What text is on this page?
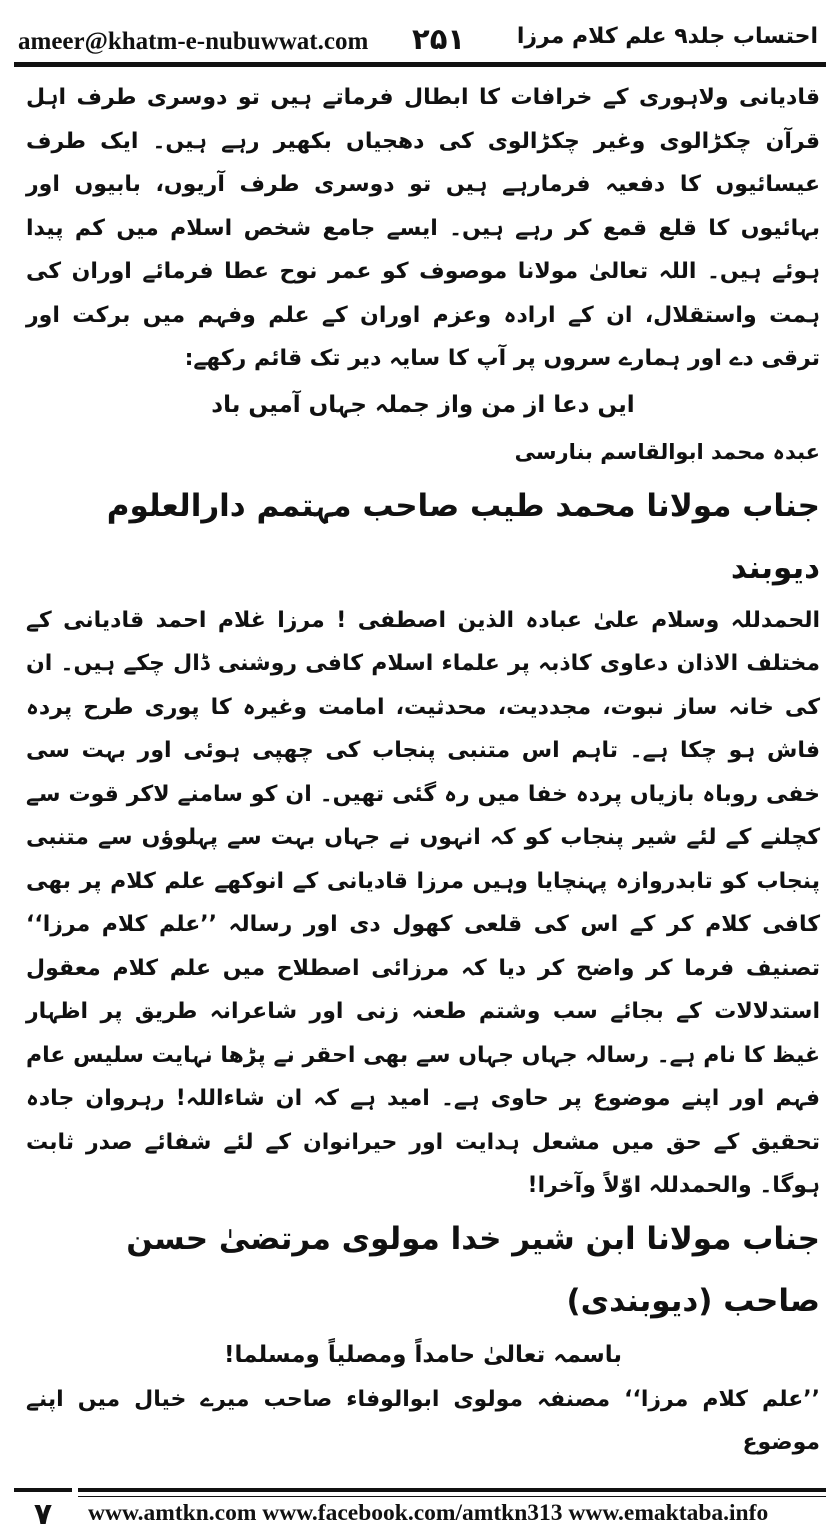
ameer@khatm-e-nubuwwat.com ۲۵۱ احتساب جلد۹ علم کلام مرزا

قادیانی ولاہوری کے خرافات کا ابطال فرماتے ہیں تو دوسری طرف اہل قرآن چکڑالوی وغیر چکڑالوی کی دھجیاں بکھیر رہے ہیں۔ ایک طرف عیسائیوں کا دفعیہ فرمارہے ہیں تو دوسری طرف آریوں، بابیوں اور بہائیوں کا قلع قمع کر رہے ہیں۔ ایسے جامع شخص اسلام میں کم پیدا ہوئے ہیں۔ اللہ تعالیٰ مولانا موصوف کو عمر نوح عطا فرمائے اوران کی ہمت واستقلال، ان کے ارادہ وعزم اوران کے علم وفہم میں برکت اور ترقی دے اور ہمارے سروں پر آپ کا سایہ دیر تک قائم رکھے:

ایں دعا از من واز جملہ جہاں آمیں باد

عبدہ محمد ابوالقاسم بنارسی

جناب مولانا محمد طیب صاحب مہتمم دارالعلوم دیوبند

الحمدللہ وسلام علیٰ عبادہ الذین اصطفی ! مرزا غلام احمد قادیانی کے مختلف الاذان دعاوی کاذبہ پر علماء اسلام کافی روشنی ڈال چکے ہیں۔ ان کی خانہ ساز نبوت، مجددیت، محدثیت، امامت وغیرہ کا پوری طرح پردہ فاش ہو چکا ہے۔ تاہم اس متنبی پنجاب کی چھپی ہوئی اور بہت سی خفی روباہ بازیاں پردہ خفا میں رہ گئی تھیں۔ ان کو سامنے لاکر قوت سے کچلنے کے لئے شیر پنجاب کو کہ انہوں نے جہاں بہت سے پہلوؤں سے متنبی پنجاب کو تابدروازہ پہنچایا وہیں مرزا قادیانی کے انوکھے علم کلام پر بھی کافی کلام کر کے اس کی قلعی کھول دی اور رسالہ ’’علم کلام مرزا‘‘ تصنیف فرما کر واضح کر دیا کہ مرزائی اصطلاح میں علم کلام معقول استدلالات کے بجائے سب وشتم طعنہ زنی اور شاعرانہ طریق پر اظہار غیظ کا نام ہے۔ رسالہ جہاں جہاں سے بھی احقر نے پڑھا نہایت سلیس عام فہم اور اپنے موضوع پر حاوی ہے۔ امید ہے کہ ان شاءاللہ! رہروان جادہ تحقیق کے حق میں مشعل ہدایت اور حیرانوان کے لئے شفائے صدر ثابت ہوگا۔ والحمدللہ اوّلاً وآخرا!

جناب مولانا ابن شیر خدا مولوی مرتضیٰ حسن صاحب (دیوبندی)

باسمہ تعالیٰ حامداً ومصلیاً ومسلما!

’’علم کلام مرزا‘‘ مصنفہ مولوی ابوالوفاء صاحب میرے خیال میں اپنے موضوع

۷	www.amtkn.com www.facebook.com/amtkn313 www.emaktaba.info
